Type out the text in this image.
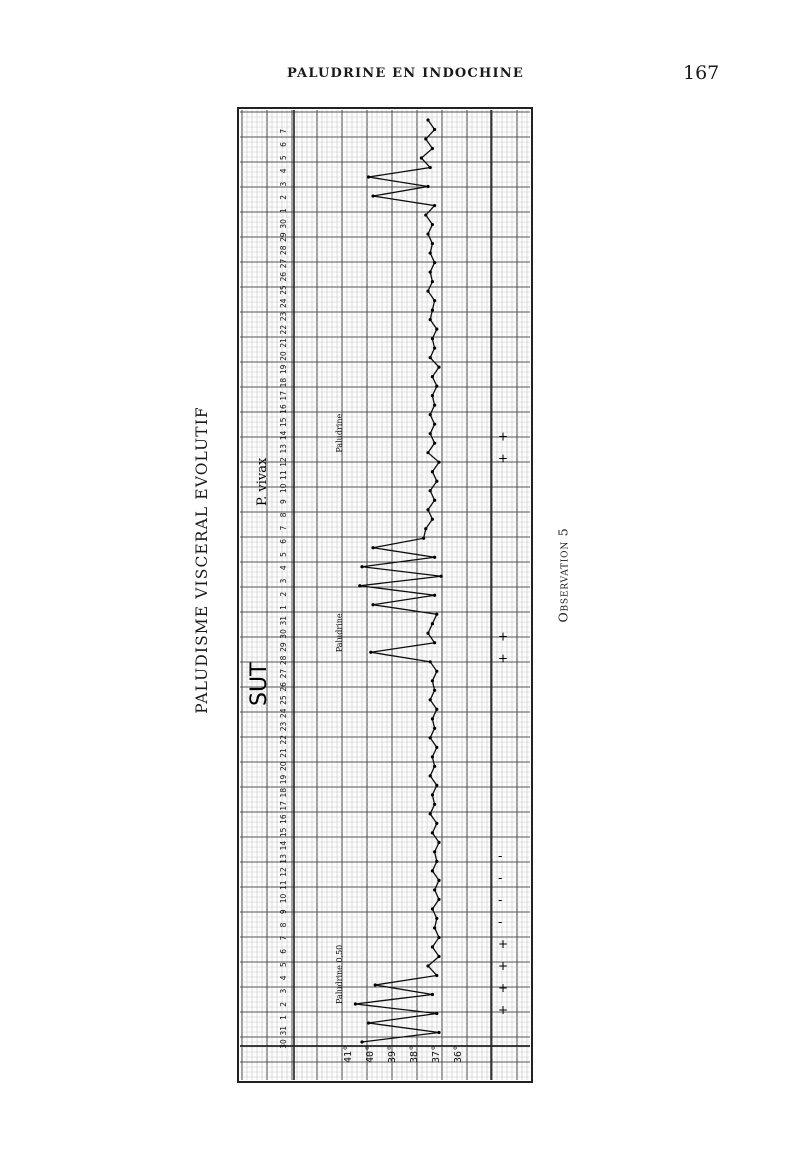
PALUDRINE EN INDOCHINE	167
PALUDISME VISCERAL EVOLUTIF
36°
37°
38°
39°
40°
41°
30
31
1
2
3
4
5
6
7
8
9
10
11
12
13
14
15
16
17
18
19
20
21
22
23
24
25
26
27
28
29
30
31
1
2
3
4
5
6
7
8
9
10
11
12
13
14
15
16
17
18
19
20
21
22
23
24
25
26
27
28
29
30
1
2
3
4
5
6
7
Paludrine 0,50
+
+
+
+
-
-
-
-
Paludrine
+
+
Paludrine
+
+
SUT
P. vivax
Observation 5
